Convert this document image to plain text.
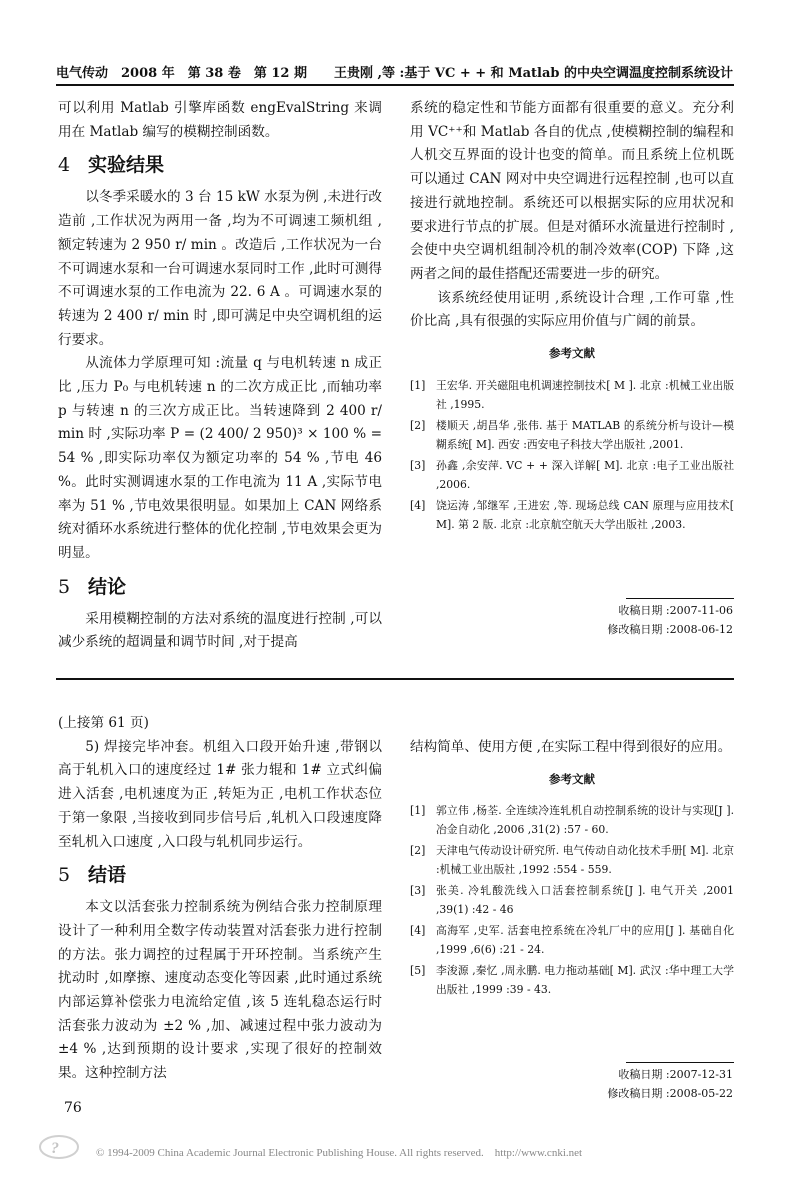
电气传动　2008 年　第 38 卷　第 12 期 王贵刚 ,等 :基于 VC + + 和 Matlab 的中央空调温度控制系统设计

可以利用 Matlab 引擎库函数 engEvalString 来调用在 Matlab 编写的模糊控制函数。

4 实验结果

以冬季采暖水的 3 台 15 kW 水泵为例 ,未进行改造前 ,工作状况为两用一备 ,均为不可调速工频机组 ,额定转速为 2 950 r/ min 。改造后 ,工作状况为一台不可调速水泵和一台可调速水泵同时工作 ,此时可测得不可调速水泵的工作电流为 22. 6 A 。可调速水泵的转速为 2 400 r/ min 时 ,即可满足中央空调机组的运行要求。

从流体力学原理可知 :流量 q 与电机转速 n 成正比 ,压力 P₀ 与电机转速 n 的二次方成正比 ,而轴功率 p 与转速 n 的三次方成正比。当转速降到 2 400 r/ min 时 ,实际功率 P = (2 400/ 2 950)³ × 100 % = 54 % ,即实际功率仅为额定功率的 54 % ,节电 46 %。此时实测调速水泵的工作电流为 11 A ,实际节电率为 51 % ,节电效果很明显。如果加上 CAN 网络系统对循环水系统进行整体的优化控制 ,节电效果会更为明显。

5 结论

采用模糊控制的方法对系统的温度进行控制 ,可以减少系统的超调量和调节时间 ,对于提高

系统的稳定性和节能方面都有很重要的意义。充分利用 VC⁺⁺和 Matlab 各自的优点 ,使模糊控制的编程和人机交互界面的设计也变的简单。而且系统上位机既可以通过 CAN 网对中央空调进行远程控制 ,也可以直接进行就地控制。系统还可以根据实际的应用状况和要求进行节点的扩展。但是对循环水流量进行控制时 ,会使中央空调机组制冷机的制冷效率(COP) 下降 ,这两者之间的最佳搭配还需要进一步的研究。

该系统经使用证明 ,系统设计合理 ,工作可靠 ,性价比高 ,具有很强的实际应用价值与广阔的前景。

参考文献

[1] 王宏华. 开关磁阻电机调速控制技术[ M ]. 北京 :机械工业出版社 ,1995.
[2] 楼顺天 ,胡昌华 ,张伟. 基于 MATLAB 的系统分析与设计—模糊系统[ M]. 西安 :西安电子科技大学出版社 ,2001.
[3] 孙鑫 ,余安萍. VC + + 深入详解[ M]. 北京 :电子工业出版社 ,2006.
[4] 饶运涛 ,邹继军 ,王进宏 ,等. 现场总线 CAN 原理与应用技术[ M]. 第 2 版. 北京 :北京航空航天大学出版社 ,2003.
收稿日期 :2007-11-06
修改稿日期 :2008-06-12

(上接第 61 页)

5) 焊接完毕冲套。机组入口段开始升速 ,带钢以高于轧机入口的速度经过 1# 张力辊和 1# 立式纠偏进入活套 ,电机速度为正 ,转矩为正 ,电机工作状态位于第一象限 ,当接收到同步信号后 ,轧机入口段速度降至轧机入口速度 ,入口段与轧机同步运行。

5 结语

本文以活套张力控制系统为例结合张力控制原理设计了一种利用全数字传动装置对活套张力进行控制的方法。张力调控的过程属于开环控制。当系统产生扰动时 ,如摩擦、速度动态变化等因素 ,此时通过系统内部运算补偿张力电流给定值 ,该 5 连轧稳态运行时活套张力波动为 ±2 % ,加、减速过程中张力波动为 ±4 % ,达到预期的设计要求 ,实现了很好的控制效果。这种控制方法

结构简单、使用方便 ,在实际工程中得到很好的应用。

参考文献

[1] 郭立伟 ,杨荃. 全连续冷连轧机自动控制系统的设计与实现[J ]. 冶金自动化 ,2006 ,31(2) :57 - 60.
[2] 天津电气传动设计研究所. 电气传动自动化技术手册[ M]. 北京 :机械工业出版社 ,1992 :554 - 559.
[3] 张美. 冷轧酸洗线入口活套控制系统[J ]. 电气开关 ,2001 ,39(1) :42 - 46
[4] 高海军 ,史军. 活套电控系统在冷轧厂中的应用[J ]. 基础自化 ,1999 ,6(6) :21 - 24.
[5] 李浚源 ,秦忆 ,周永鹏. 电力拖动基础[ M]. 武汉 :华中理工大学出版社 ,1999 :39 - 43.
收稿日期 :2007-12-31
修改稿日期 :2008-05-22
76
?	© 1994-2009 China Academic Journal Electronic Publishing House. All rights reserved.　http://www.cnki.net
